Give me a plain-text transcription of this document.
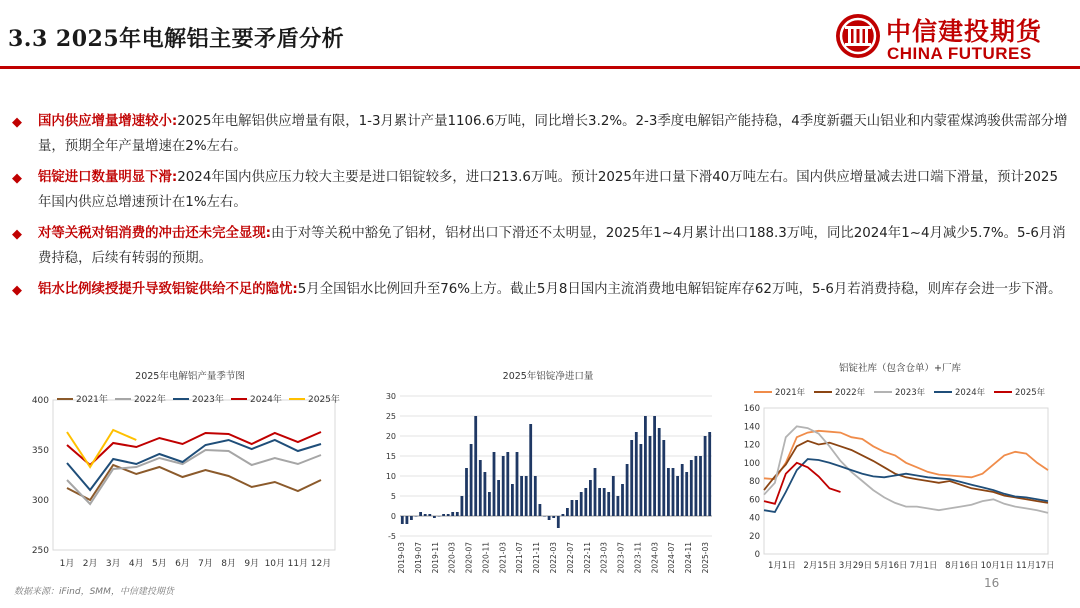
3.3 2025年电解铝主要矛盾分析	中信建投期货
CHINA FUTURES
◆ 国内供应增量增速较小:2025年电解铝供应增量有限，1-3月累计产量1106.6万吨，同比增长3.2%。2-3季度电解铝产能持稳，4季度新疆天山铝业和内蒙霍煤鸿骏供需部分增量，预期全年产量增速在2%左右。
◆ 铝锭进口数量明显下滑:2024年国内供应压力较大主要是进口铝锭较多，进口213.6万吨。预计2025年进口量下滑40万吨左右。国内供应增量减去进口端下滑量，预计2025年国内供应总增速预计在1%左右。
◆ 对等关税对铝消费的冲击还未完全显现:由于对等关税中豁免了铝材，铝材出口下滑还不太明显，2025年1~4月累计出口188.3万吨，同比2024年1~4月减少5.7%。5-6月消费持稳，后续有转弱的预期。
◆ 铝水比例续授提升导致铝锭供给不足的隐忧:5月全国铝水比例回升至76%上方。截止5月8日国内主流消费地电解铝锭库存62万吨，5-6月若消费持稳，则库存会进一步下滑。
2025年电解铝产量季节图
250
300
350
400
1月 2月 3月 4月 5月 6月 7月 8月 9月 10月 11月 12月
2021年	2022年	2023年	2024年	2025年
2025年铝锭净进口量
-5
0
5
10
15
20
25
30
2019-03 2019-07 2019-11 2020-03 2020-07 2020-11 2021-03 2021-07 2021-11 2022-03 2022-07 2022-11 2023-03 2023-07 2023-11 2024-03 2024-07 2024-11 2025-03
铝锭社库（包含仓单）+厂库
0
20
40
60
80
100
120
140
160
1月1日 2月15日 3月29日 5月16日 7月1日 8月16日 10月1日 11月17日
2021年	2022年	2023年	2024年	2025年
数据来源：iFind，SMM，中信建投期货
16
